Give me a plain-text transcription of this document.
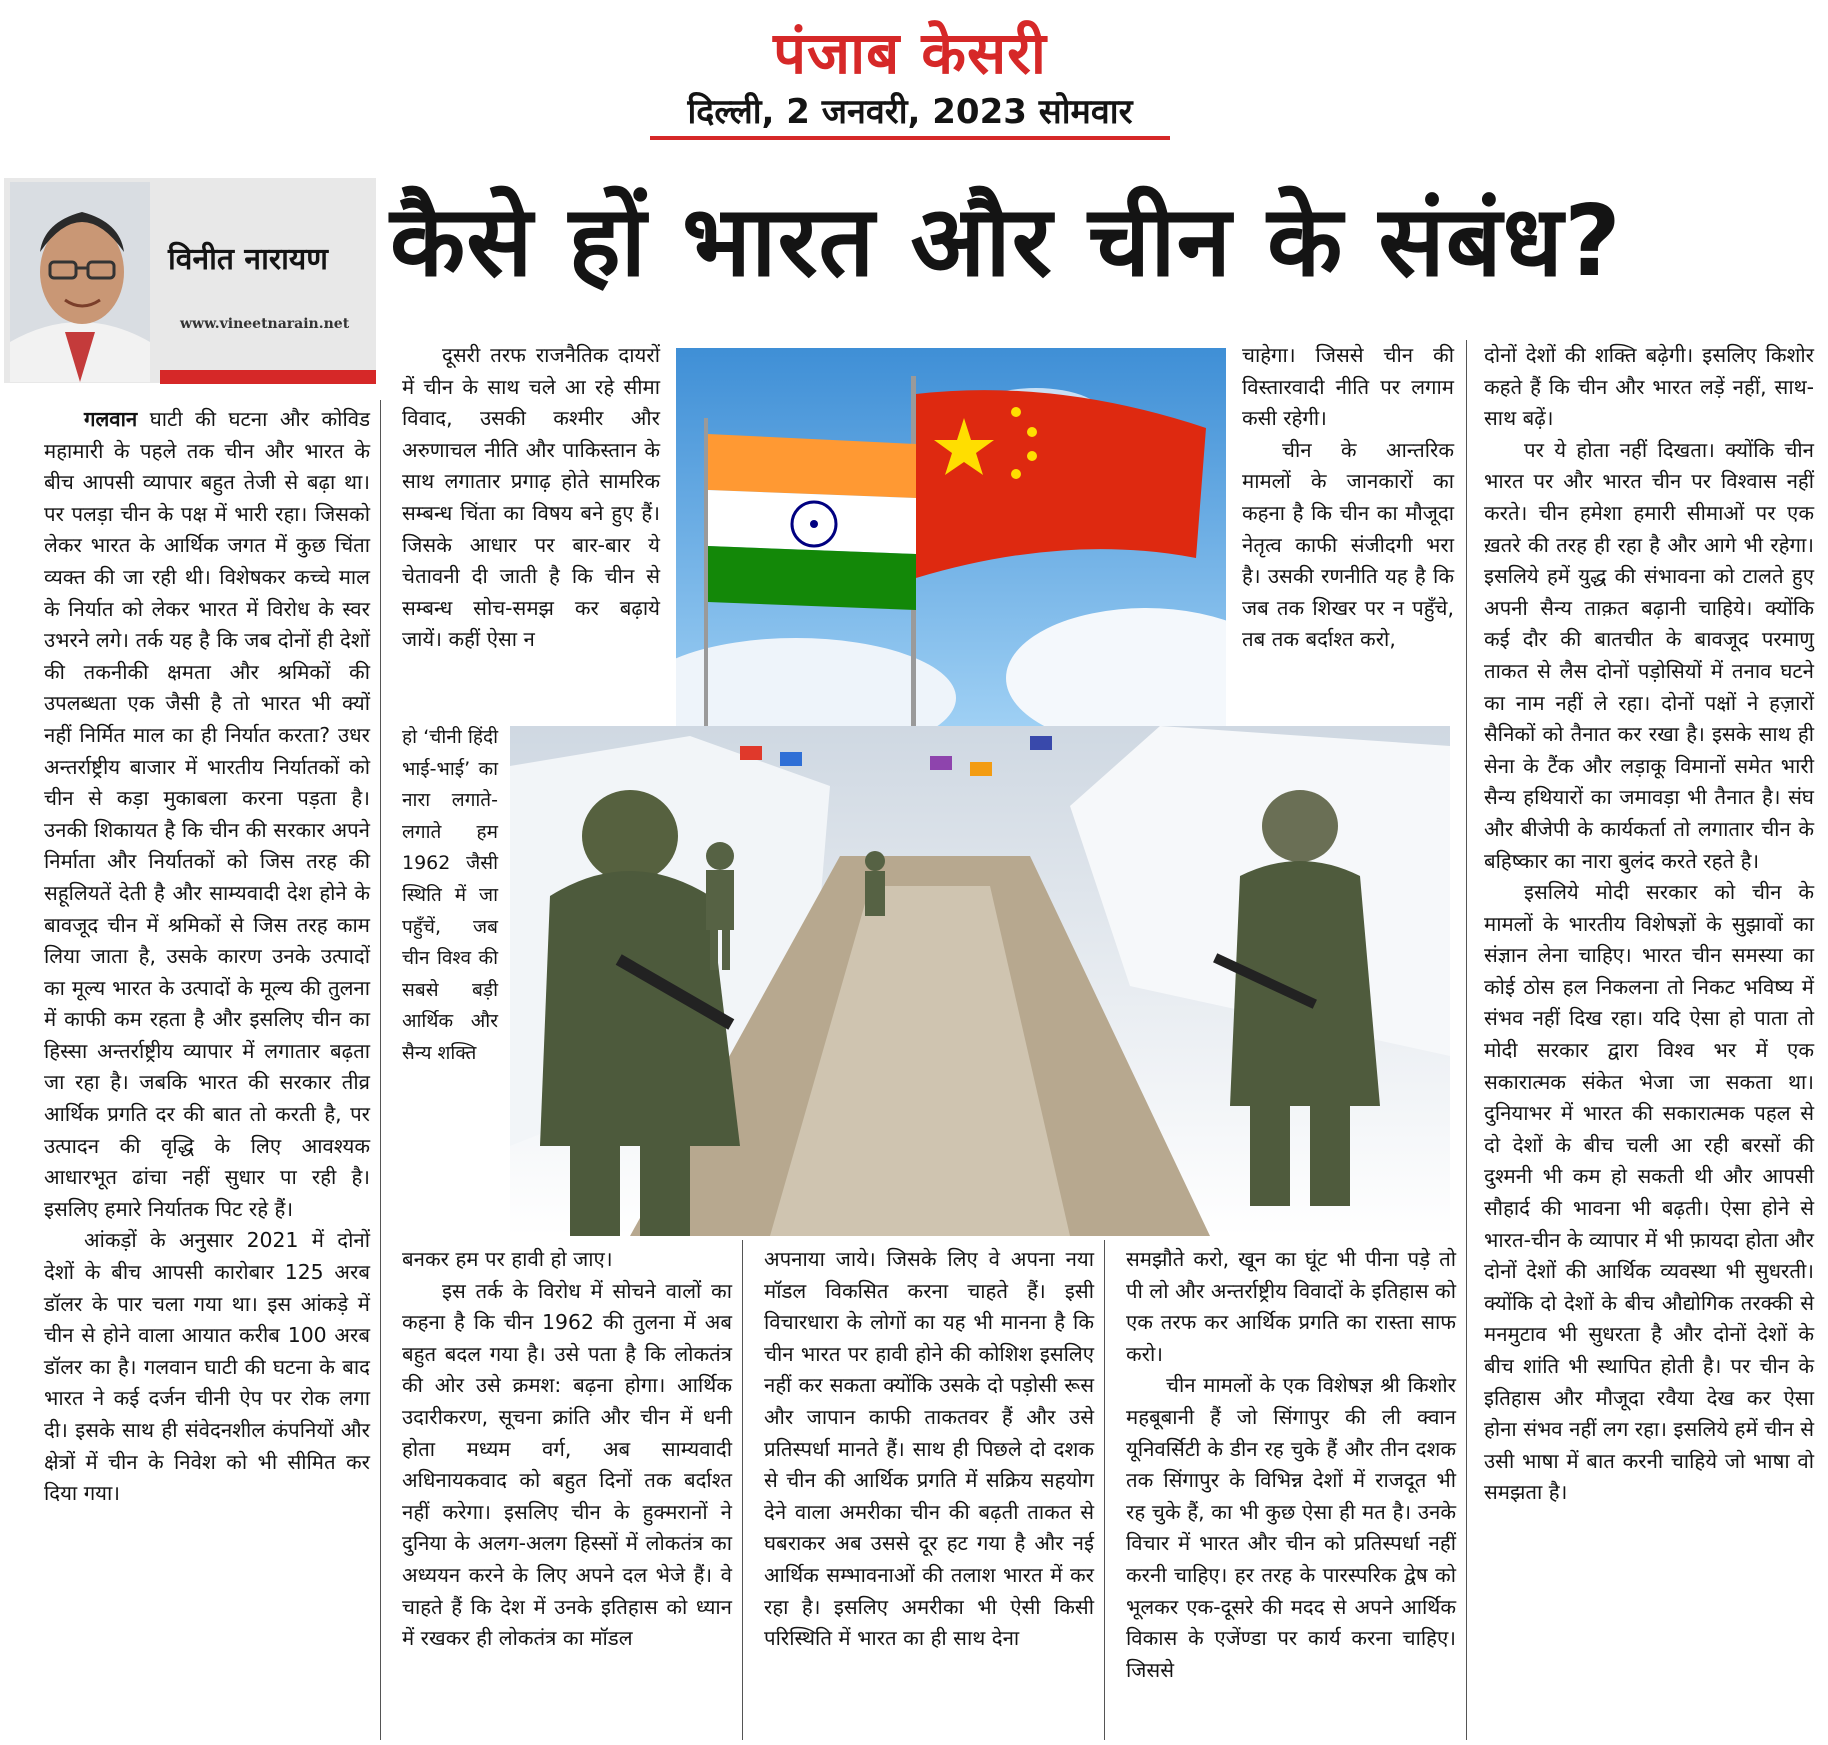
पंजाब केसरी
दिल्ली, 2 जनवरी, 2023 सोमवार
विनीत नारायण
www.vineetnarain.net
कैसे हों भारत और चीन के संबंध?

गलवान घाटी की घटना और कोविड महामारी के पहले तक चीन और भारत के बीच आपसी व्यापार बहुत तेजी से बढ़ा था। पर पलड़ा चीन के पक्ष में भारी रहा। जिसको लेकर भारत के आर्थिक जगत में कुछ चिंता व्यक्त की जा रही थी। विशेषकर कच्चे माल के निर्यात को लेकर भारत में विरोध के स्वर उभरने लगे। तर्क यह है कि जब दोनों ही देशों की तकनीकी क्षमता और श्रमिकों की उपलब्धता एक जैसी है तो भारत भी क्यों नहीं निर्मित माल का ही निर्यात करता? उधर अन्तर्राष्ट्रीय बाजार में भारतीय निर्यातकों को चीन से कड़ा मुकाबला करना पड़ता है। उनकी शिकायत है कि चीन की सरकार अपने निर्माता और निर्यातकों को जिस तरह की सहूलियतें देती है और साम्यवादी देश होने के बावजूद चीन में श्रमिकों से जिस तरह काम लिया जाता है, उसके कारण उनके उत्पादों का मूल्य भारत के उत्पादों के मूल्य की तुलना में काफी कम रहता है और इसलिए चीन का हिस्सा अन्तर्राष्ट्रीय व्यापार में लगातार बढ़ता जा रहा है। जबकि भारत की सरकार तीव्र आर्थिक प्रगति दर की बात तो करती है, पर उत्पादन की वृद्धि के लिए आवश्यक आधारभूत ढांचा नहीं सुधार पा रही है। इसलिए हमारे निर्यातक पिट रहे हैं।

आंकड़ों के अनुसार 2021 में दोनों देशों के बीच आपसी कारोबार 125 अरब डॉलर के पार चला गया था। इस आंकड़े में चीन से होने वाला आयात करीब 100 अरब डॉलर का है। गलवान घाटी की घटना के बाद भारत ने कई दर्जन चीनी ऐप पर रोक लगा दी। इसके साथ ही संवेदनशील कंपनियों और क्षेत्रों में चीन के निवेश को भी सीमित कर दिया गया।

दूसरी तरफ राजनैतिक दायरों में चीन के साथ चले आ रहे सीमा विवाद, उसकी कश्मीर और अरुणाचल नीति और पाकिस्तान के साथ लगातार प्रगाढ़ होते सामरिक सम्बन्ध चिंता का विषय बने हुए हैं। जिसके आधार पर बार-बार ये चेतावनी दी जाती है कि चीन से सम्बन्ध सोच-समझ कर बढ़ाये जायें। कहीं ऐसा न

हो ‘चीनी हिंदी भाई-भाई’ का नारा लगाते-लगाते हम 1962 जैसी स्थिति में जा पहुँचें, जब चीन विश्व की सबसे बड़ी आर्थिक और सैन्य शक्ति

बनकर हम पर हावी हो जाए।

इस तर्क के विरोध में सोचने वालों का कहना है कि चीन 1962 की तुलना में अब बहुत बदल गया है। उसे पता है कि लोकतंत्र की ओर उसे क्रमश: बढ़ना होगा। आर्थिक उदारीकरण, सूचना क्रांति और चीन में धनी होता मध्यम वर्ग, अब साम्यवादी अधिनायकवाद को बहुत दिनों तक बर्दाश्त नहीं करेगा। इसलिए चीन के हुक्मरानों ने दुनिया के अलग-अलग हिस्सों में लोकतंत्र का अध्ययन करने के लिए अपने दल भेजे हैं। वे चाहते हैं कि देश में उनके इतिहास को ध्यान में रखकर ही लोकतंत्र का मॉडल

अपनाया जाये। जिसके लिए वे अपना नया मॉडल विकसित करना चाहते हैं। इसी विचारधारा के लोगों का यह भी मानना है कि चीन भारत पर हावी होने की कोशिश इसलिए नहीं कर सकता क्योंकि उसके दो पड़ोसी रूस और जापान काफी ताकतवर हैं और उसे प्रतिस्पर्धा मानते हैं। साथ ही पिछले दो दशक से चीन की आर्थिक प्रगति में सक्रिय सहयोग देने वाला अमरीका चीन की बढ़ती ताकत से घबराकर अब उससे दूर हट गया है और नई आर्थिक सम्भावनाओं की तलाश भारत में कर रहा है। इसलिए अमरीका भी ऐसी किसी परिस्थिति में भारत का ही साथ देना

चाहेगा। जिससे चीन की विस्तारवादी नीति पर लगाम कसी रहेगी।

चीन के आन्तरिक मामलों के जानकारों का कहना है कि चीन का मौजूदा नेतृत्व काफी संजीदगी भरा है। उसकी रणनीति यह है कि जब तक शिखर पर न पहुँचे, तब तक बर्दाश्त करो,

समझौते करो, खून का घूंट भी पीना पड़े तो पी लो और अन्तर्राष्ट्रीय विवादों के इतिहास को एक तरफ कर आर्थिक प्रगति का रास्ता साफ करो।

चीन मामलों के एक विशेषज्ञ श्री किशोर महबूबानी हैं जो सिंगापुर की ली क्वान यूनिवर्सिटी के डीन रह चुके हैं और तीन दशक तक सिंगापुर के विभिन्न देशों में राजदूत भी रह चुके हैं, का भी कुछ ऐसा ही मत है। उनके विचार में भारत और चीन को प्रतिस्पर्धा नहीं करनी चाहिए। हर तरह के पारस्परिक द्वेष को भूलकर एक-दूसरे की मदद से अपने आर्थिक विकास के एजेंण्डा पर कार्य करना चाहिए। जिससे

दोनों देशों की शक्ति बढ़ेगी। इसलिए किशोर कहते हैं कि चीन और भारत लड़ें नहीं, साथ-साथ बढ़ें।

पर ये होता नहीं दिखता। क्योंकि चीन भारत पर और भारत चीन पर विश्वास नहीं करते। चीन हमेशा हमारी सीमाओं पर एक ख़तरे की तरह ही रहा है और आगे भी रहेगा। इसलिये हमें युद्ध की संभावना को टालते हुए अपनी सैन्य ताक़त बढ़ानी चाहिये। क्योंकि कई दौर की बातचीत के बावजूद परमाणु ताकत से लैस दोनों पड़ोसियों में तनाव घटने का नाम नहीं ले रहा। दोनों पक्षों ने हज़ारों सैनिकों को तैनात कर रखा है। इसके साथ ही सेना के टैंक और लड़ाकू विमानों समेत भारी सैन्य हथियारों का जमावड़ा भी तैनात है। संघ और बीजेपी के कार्यकर्ता तो लगातार चीन के बहिष्कार का नारा बुलंद करते रहते है।

इसलिये मोदी सरकार को चीन के मामलों के भारतीय विशेषज्ञों के सुझावों का संज्ञान लेना चाहिए। भारत चीन समस्या का कोई ठोस हल निकलना तो निकट भविष्य में संभव नहीं दिख रहा। यदि ऐसा हो पाता तो मोदी सरकार द्वारा विश्व भर में एक सकारात्मक संकेत भेजा जा सकता था। दुनियाभर में भारत की सकारात्मक पहल से दो देशों के बीच चली आ रही बरसों की दुश्मनी भी कम हो सकती थी और आपसी सौहार्द की भावना भी बढ़ती। ऐसा होने से भारत-चीन के व्यापार में भी फ़ायदा होता और दोनों देशों की आर्थिक व्यवस्था भी सुधरती। क्योंकि दो देशों के बीच औद्योगिक तरक्की से मनमुटाव भी सुधरता है और दोनों देशों के बीच शांति भी स्थापित होती है। पर चीन के इतिहास और मौजूदा रवैया देख कर ऐसा होना संभव नहीं लग रहा। इसलिये हमें चीन से उसी भाषा में बात करनी चाहिये जो भाषा वो समझता है।
